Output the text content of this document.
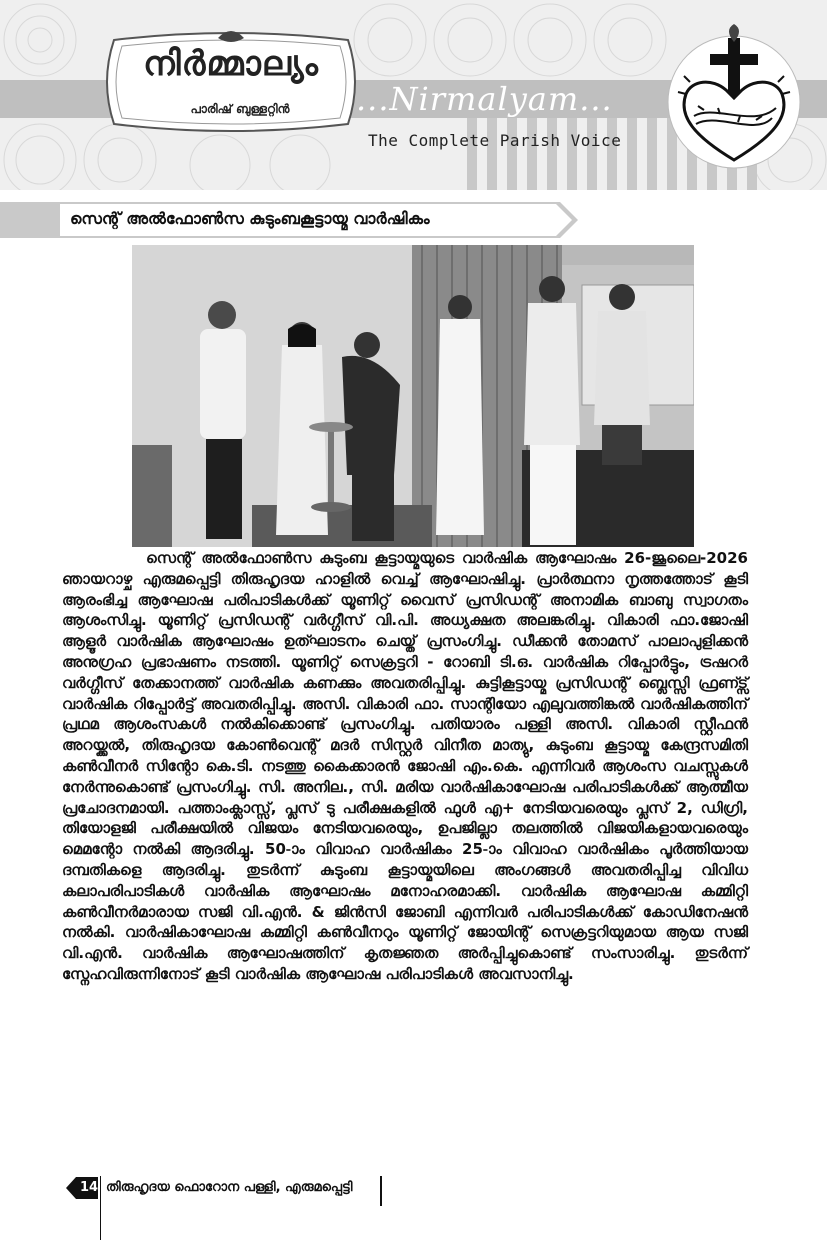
നിർമ്മാല്യം
പാരിഷ് ബുള്ളറ്റിൻ	...Nirmalyam...
The Complete Parish Voice
സെന്റ് അൽഫോൺസ കുടുംബകൂട്ടായ്മ വാർഷികം

സെന്റ് അൽഫോൺസ കുടുംബ കൂട്ടായ്മയുടെ വാർഷിക ആഘോഷം 26-ജൂലൈ-2026 ഞായറാഴ്ച എരുമപ്പെട്ടി തിരുഹൃദയ ഹാളിൽ വെച്ച് ആഘോഷിച്ചു. പ്രാർത്ഥനാ നൃത്തത്തോട് കൂടി ആരംഭിച്ച ആഘോഷ പരിപാടികൾക്ക് യൂണിറ്റ് വൈസ് പ്രസിഡന്റ് അനാമിക ബാബു സ്വാഗതം ആശംസിച്ചു. യൂണിറ്റ് പ്രസിഡന്റ് വർഗ്ഗീസ് വി.പി. അധ്യക്ഷത അലങ്കരിച്ചു. വികാരി ഫാ.ജോഷി ആളൂർ വാർഷിക ആഘോഷം ഉത്ഘാടനം ചെയ്ത് പ്രസംഗിച്ചു. ഡീക്കൻ തോമസ് പാലാപുളിക്കൻ അനുഗ്രഹ പ്രഭാഷണം നടത്തി. യൂണിറ്റ് സെക്രട്ടറി - റോബി ടി.ഒ. വാർഷിക റിപ്പോർട്ടും, ട്രഷറർ വർഗ്ഗീസ് തേക്കാനത്ത് വാർഷിക കണക്കും അവതരിപ്പിച്ചു. കുട്ടികൂട്ടായ്മ പ്രസിഡന്റ് ബ്ലെസ്സി ഫ്രണ്ട്സ് വാർഷിക റിപ്പോർട്ട് അവതരിപ്പിച്ചു. അസി. വികാരി ഫാ. സാന്റിയോ എലുവത്തിങ്കൽ വാർഷികത്തിന് പ്രഥമ ആശംസകൾ നൽകിക്കൊണ്ട് പ്രസംഗിച്ചു. പതിയാരം പള്ളി അസി. വികാരി സ്റ്റീഫൻ അറയ്ക്കൽ, തിരുഹൃദയ കോൺവെന്റ് മദർ സിസ്റ്റർ വിനീത മാത്യു, കുടുംബ കൂട്ടായ്മ കേന്ദ്രസമിതി കൺവീനർ സിന്റോ കെ.ടി. നടത്തു കൈക്കാരൻ ജോഷി എം.കെ. എന്നിവർ ആശംസ വചസ്സുകൾ നേർന്നുകൊണ്ട് പ്രസംഗിച്ചു. സി. അനില., സി. മരിയ വാർഷികാഘോഷ പരിപാടികൾക്ക് ആത്മീയ പ്രചോദനമായി. പത്താംക്ലാസ്സ്, പ്ലസ് ടു പരീക്ഷകളിൽ ഫുൾ എ+ നേടിയവരെയും പ്ലസ് 2, ഡിഗ്രി, തിയോളജി പരീക്ഷയിൽ വിജയം നേടിയവരെയും, ഉപജില്ലാ തലത്തിൽ വിജയികളായവരെയും മെമന്റോ നൽകി ആദരിച്ചു. 50-ാം വിവാഹ വാർഷികം 25-ാം വിവാഹ വാർഷികം പൂർത്തിയായ ദമ്പതികളെ ആദരിച്ചു. തുടർന്ന് കുടുംബ കൂട്ടായ്മയിലെ അംഗങ്ങൾ അവതരിപ്പിച്ച വിവിധ കലാപരിപാടികൾ വാർഷിക ആഘോഷം മനോഹരമാക്കി. വാർഷിക ആഘോഷ കമ്മിറ്റി കൺവീനർമാരായ സജി വി.എൻ. & ജിൻസി ജോബി എന്നിവർ പരിപാടികൾക്ക് കോഡിനേഷൻ നൽകി. വാർഷികാഘോഷ കമ്മിറ്റി കൺവീനറും യൂണിറ്റ് ജോയിന്റ് സെക്രട്ടറിയുമായ ആയ സജി വി.എൻ. വാർഷിക ആഘോഷത്തിന് കൃതജ്ഞത അർപ്പിച്ചുകൊണ്ട് സംസാരിച്ചു. തുടർന്ന് സ്നേഹവിരുന്നിനോട് കൂടി വാർഷിക ആഘോഷ പരിപാടികൾ അവസാനിച്ചു.

14 തിരുഹൃദയ ഫൊറോന പള്ളി, എരുമപ്പെട്ടി
